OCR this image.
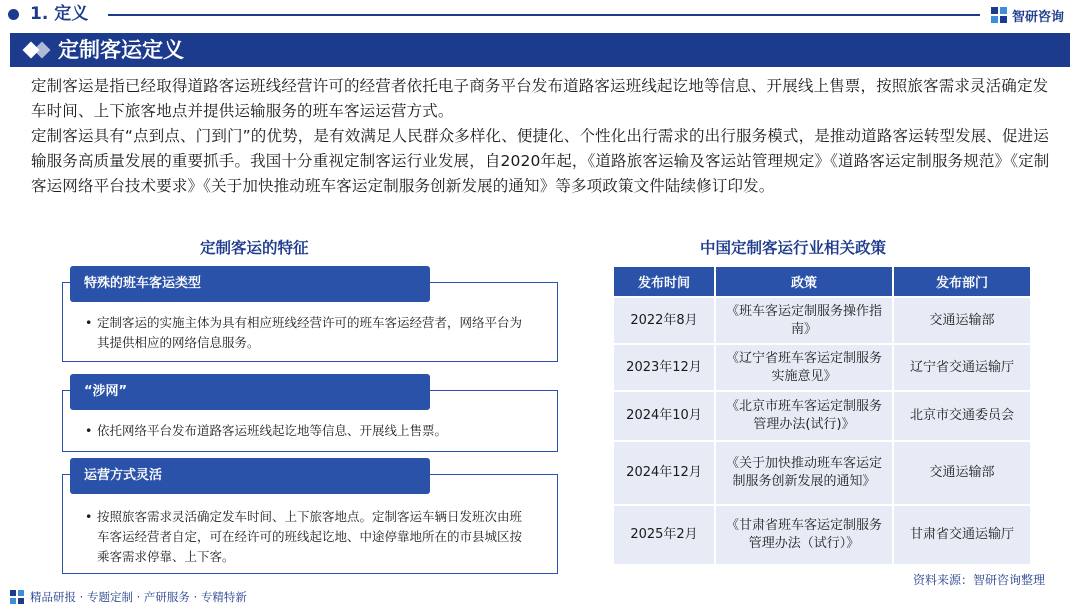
1. 定义	智研咨询
定制客运定义

定制客运是指已经取得道路客运班线经营许可的经营者依托电子商务平台发布道路客运班线起讫地等信息、开展线上售票，按照旅客需求灵活确定发车时间、上下旅客地点并提供运输服务的班车客运运营方式。

定制客运具有“点到点、门到门”的优势，是有效满足人民群众多样化、便捷化、个性化出行需求的出行服务模式，是推动道路客运转型发展、促进运输服务高质量发展的重要抓手。我国十分重视定制客运行业发展，自2020年起，《道路旅客运输及客运站管理规定》《道路客运定制服务规范》《定制客运网络平台技术要求》《关于加快推动班车客运定制服务创新发展的通知》等多项政策文件陆续修订印发。

定制客运的特征
特殊的班车客运类型
• 定制客运的实施主体为具有相应班线经营许可的班车客运经营者，网络平台为其提供相应的网络信息服务。
“涉网”
• 依托网络平台发布道路客运班线起讫地等信息、开展线上售票。
运营方式灵活
• 按照旅客需求灵活确定发车时间、上下旅客地点。定制客运车辆日发班次由班车客运经营者自定，可在经许可的班线起讫地、中途停靠地所在的市县城区按乘客需求停靠、上下客。
中国定制客运行业相关政策
发布时间	政策	发布部门
2022年8月	《班车客运定制服务操作指南》	交通运输部
2023年12月	《辽宁省班车客运定制服务实施意见》	辽宁省交通运输厅
2024年10月	《北京市班车客运定制服务管理办法(试行)》	北京市交通委员会
2024年12月	《关于加快推动班车客运定制服务创新发展的通知》	交通运输部
2025年2月	《甘肃省班车客运定制服务管理办法（试行）》	甘肃省交通运输厅
资料来源：智研咨询整理
精品研报 · 专题定制 · 产研服务 · 专精特新
